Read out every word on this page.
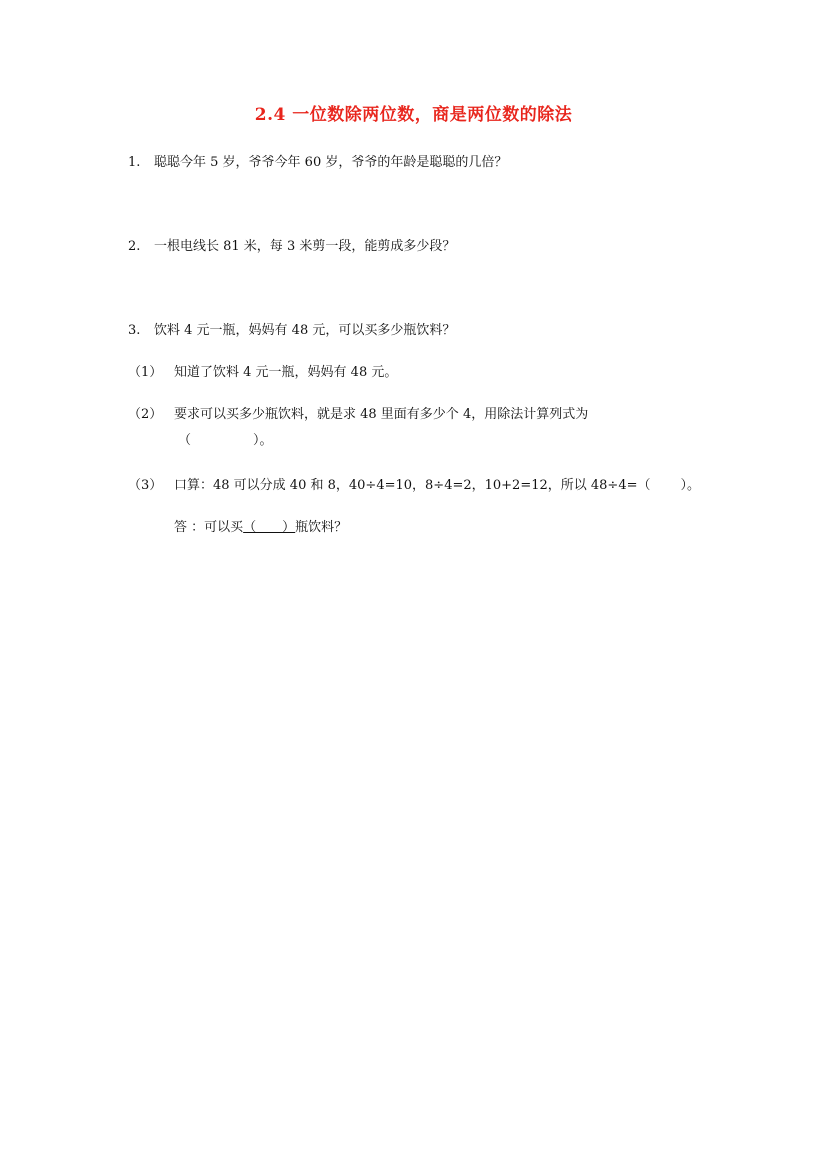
2.4 一位数除两位数，商是两位数的除法
1. 聪聪今年 5 岁，爷爷今年 60 岁，爷爷的年龄是聪聪的几倍？
2. 一根电线长 81 米，每 3 米剪一段，能剪成多少段？
3. 饮料 4 元一瓶，妈妈有 48 元，可以买多少瓶饮料？
（1） 知道了饮料 4 元一瓶，妈妈有 48 元。
（2） 要求可以买多少瓶饮料，就是求 48 里面有多少个 4，用除法计算列式为
（	）。
（3） 口算：48 可以分成 40 和 8，40÷4=10，8÷4=2，10+2=12，所以 48÷4=（ ）。
答 ：可以买（　　）瓶饮料？
